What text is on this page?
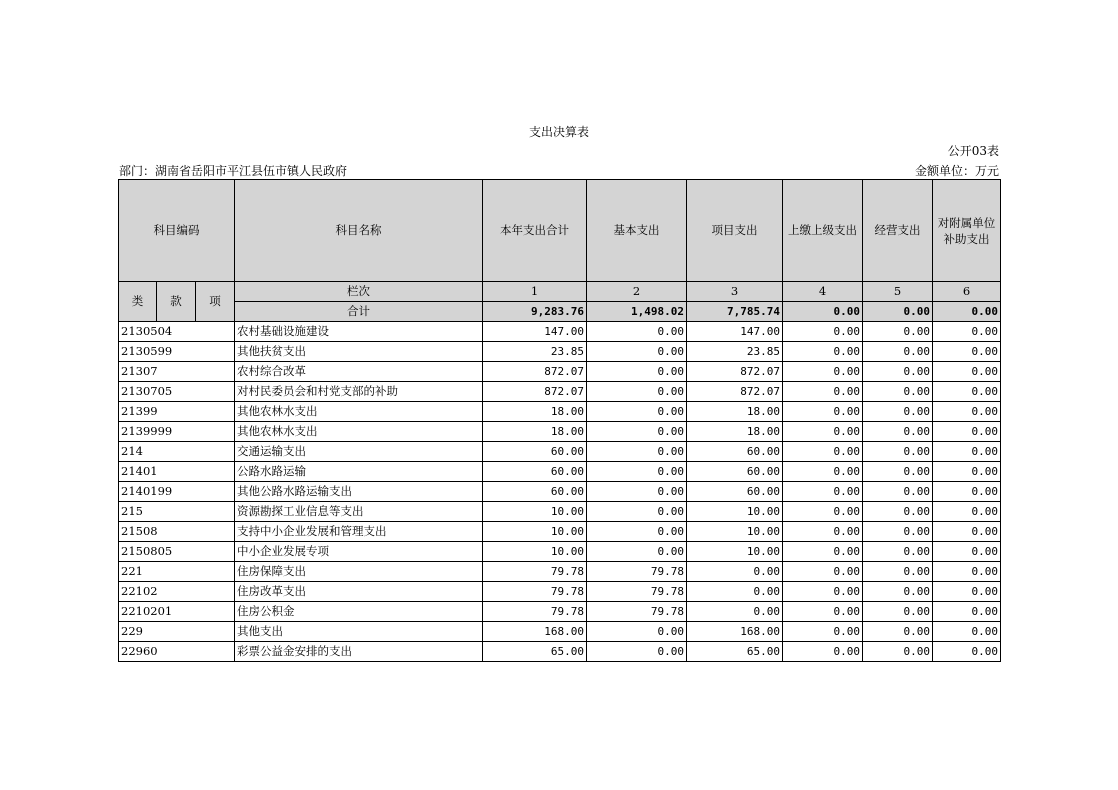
支出决算表
公开03表
部门：湖南省岳阳市平江县伍市镇人民政府	金额单位：万元
科目编码			科目名称	本年支出合计	基本支出	项目支出	上缴上级支出	经营支出	对附属单位补助支出
类	款	项	栏次	1	2	3	4	5	6
			合计	9,283.76	1,498.02	7,785.74	0.00	0.00	0.00
2130504			农村基础设施建设	147.00	0.00	147.00	0.00	0.00	0.00
2130599			其他扶贫支出	23.85	0.00	23.85	0.00	0.00	0.00
21307			农村综合改革	872.07	0.00	872.07	0.00	0.00	0.00
2130705			对村民委员会和村党支部的补助	872.07	0.00	872.07	0.00	0.00	0.00
21399			其他农林水支出	18.00	0.00	18.00	0.00	0.00	0.00
2139999			其他农林水支出	18.00	0.00	18.00	0.00	0.00	0.00
214			交通运输支出	60.00	0.00	60.00	0.00	0.00	0.00
21401			公路水路运输	60.00	0.00	60.00	0.00	0.00	0.00
2140199			其他公路水路运输支出	60.00	0.00	60.00	0.00	0.00	0.00
215			资源勘探工业信息等支出	10.00	0.00	10.00	0.00	0.00	0.00
21508			支持中小企业发展和管理支出	10.00	0.00	10.00	0.00	0.00	0.00
2150805			中小企业发展专项	10.00	0.00	10.00	0.00	0.00	0.00
221			住房保障支出	79.78	79.78	0.00	0.00	0.00	0.00
22102			住房改革支出	79.78	79.78	0.00	0.00	0.00	0.00
2210201			住房公积金	79.78	79.78	0.00	0.00	0.00	0.00
229			其他支出	168.00	0.00	168.00	0.00	0.00	0.00
22960			彩票公益金安排的支出	65.00	0.00	65.00	0.00	0.00	0.00
